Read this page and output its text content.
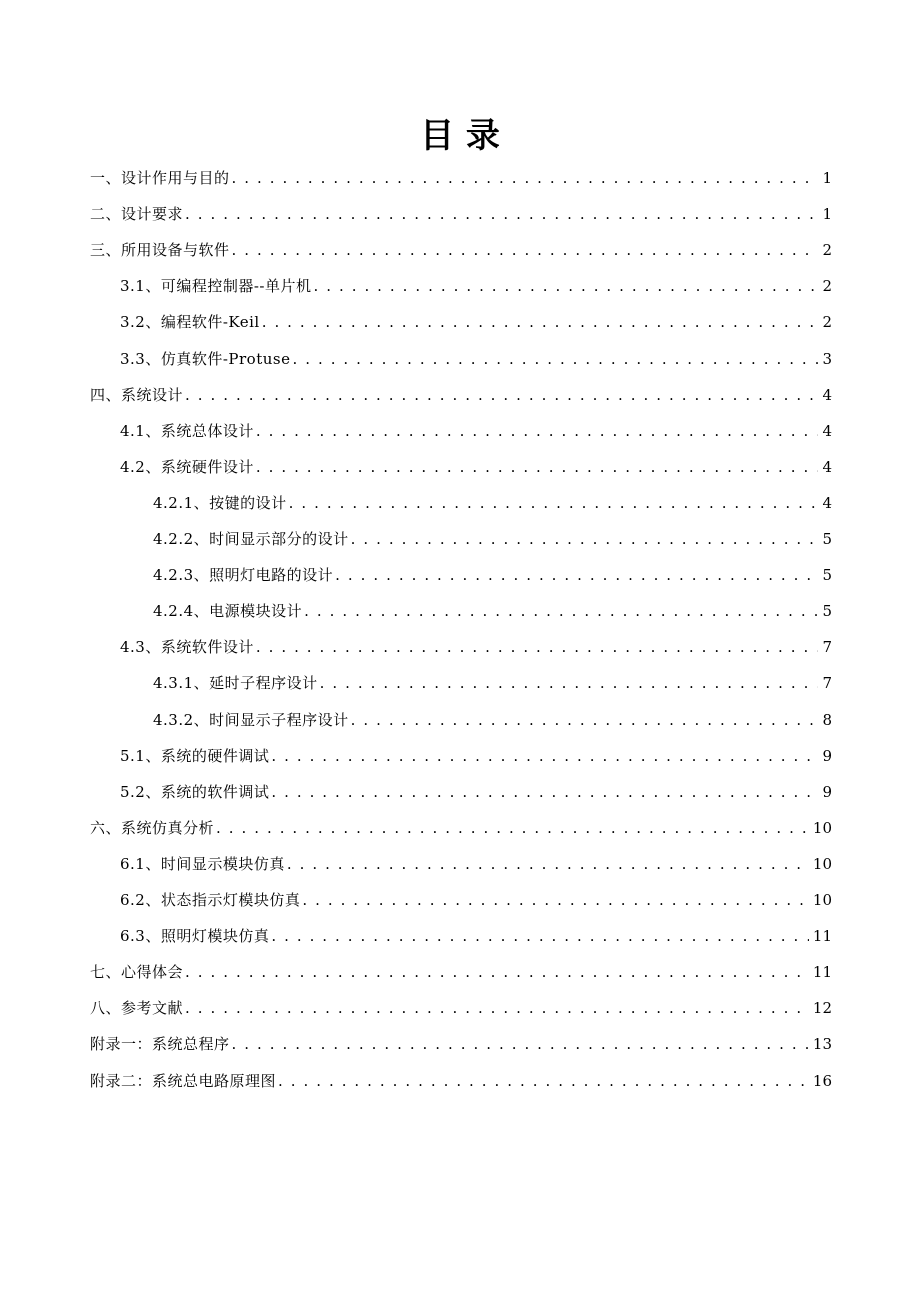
目 录
一、设计作用与目的 . . .	1
二、设计要求 . . .	1
三、所用设备与软件 . . .	2
3.1、可编程控制器--单片机 . . .	2
3.2、编程软件-Keil . . .	2
3.3、仿真软件-Protuse . . .	3
四、系统设计 . . .	4
4.1、系统总体设计 . . .	4
4.2、系统硬件设计 . . .	4
4.2.1、按键的设计 . . .	4
4.2.2、时间显示部分的设计 . . .	5
4.2.3、照明灯电路的设计 . . .	5
4.2.4、电源模块设计 . . .	5
4.3、系统软件设计 . . .	7
4.3.1、延时子程序设计 . . .	7
4.3.2、时间显示子程序设计 . . .	8
5.1、系统的硬件调试 . . .	9
5.2、系统的软件调试 . . .	9
六、系统仿真分析 . . .	10
6.1、时间显示模块仿真 . . .	10
6.2、状态指示灯模块仿真 . . .	10
6.3、照明灯模块仿真 . . .	11
七、心得体会 . . .	11
八、参考文献 . . .	12
附录一：系统总程序 . . .	13
附录二：系统总电路原理图 . . .	16
